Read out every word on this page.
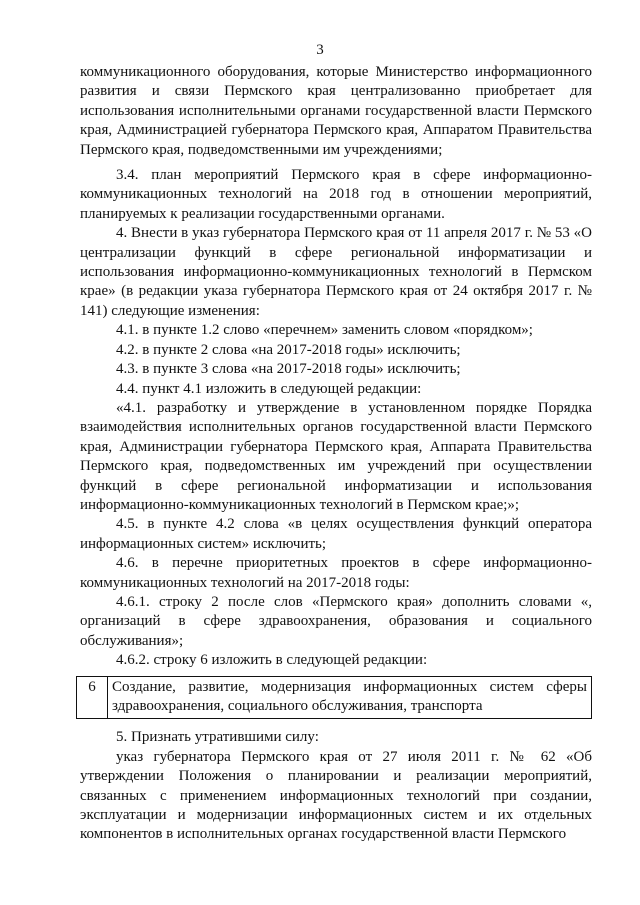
3

коммуникационного оборудования, которые Министерство информационного развития и связи Пермского края централизованно приобретает для использования исполнительными органами государственной власти Пермского края, Администрацией губернатора Пермского края, Аппаратом Правительства Пермского края, подведомственными им учреждениями;

3.4. план мероприятий Пермского края в сфере информационно-коммуникационных технологий на 2018 год в отношении мероприятий, планируемых к реализации государственными органами.

4. Внести в указ губернатора Пермского края от 11 апреля 2017 г. № 53 «О централизации функций в сфере региональной информатизации и использования информационно-коммуникационных технологий в Пермском крае» (в редакции указа губернатора Пермского края от 24 октября 2017 г. № 141) следующие изменения:

4.1. в пункте 1.2 слово «перечнем» заменить словом «порядком»;

4.2. в пункте 2 слова «на 2017-2018 годы» исключить;

4.3. в пункте 3 слова «на 2017-2018 годы» исключить;

4.4. пункт 4.1 изложить в следующей редакции:

«4.1. разработку и утверждение в установленном порядке Порядка взаимодействия исполнительных органов государственной власти Пермского края, Администрации губернатора Пермского края, Аппарата Правительства Пермского края, подведомственных им учреждений при осуществлении функций в сфере региональной информатизации и использования информационно-коммуникационных технологий в Пермском крае;»;

4.5. в пункте 4.2 слова «в целях осуществления функций оператора информационных систем» исключить;

4.6. в перечне приоритетных проектов в сфере информационно-коммуникационных технологий на 2017-2018 годы:

4.6.1. строку 2 после слов «Пермского края» дополнить словами «, организаций в сфере здравоохранения, образования и социального обслуживания»;

4.6.2. строку 6 изложить в следующей редакции:

6	Создание, развитие, модернизация информационных систем сферы здравоохранения, социального обслуживания, транспорта

5. Признать утратившими силу:

указ губернатора Пермского края от 27 июля 2011 г. № 62 «Об утверждении Положения о планировании и реализации мероприятий, связанных с применением информационных технологий при создании, эксплуатации и модернизации информационных систем и их отдельных компонентов в исполнительных органах государственной власти Пермского
